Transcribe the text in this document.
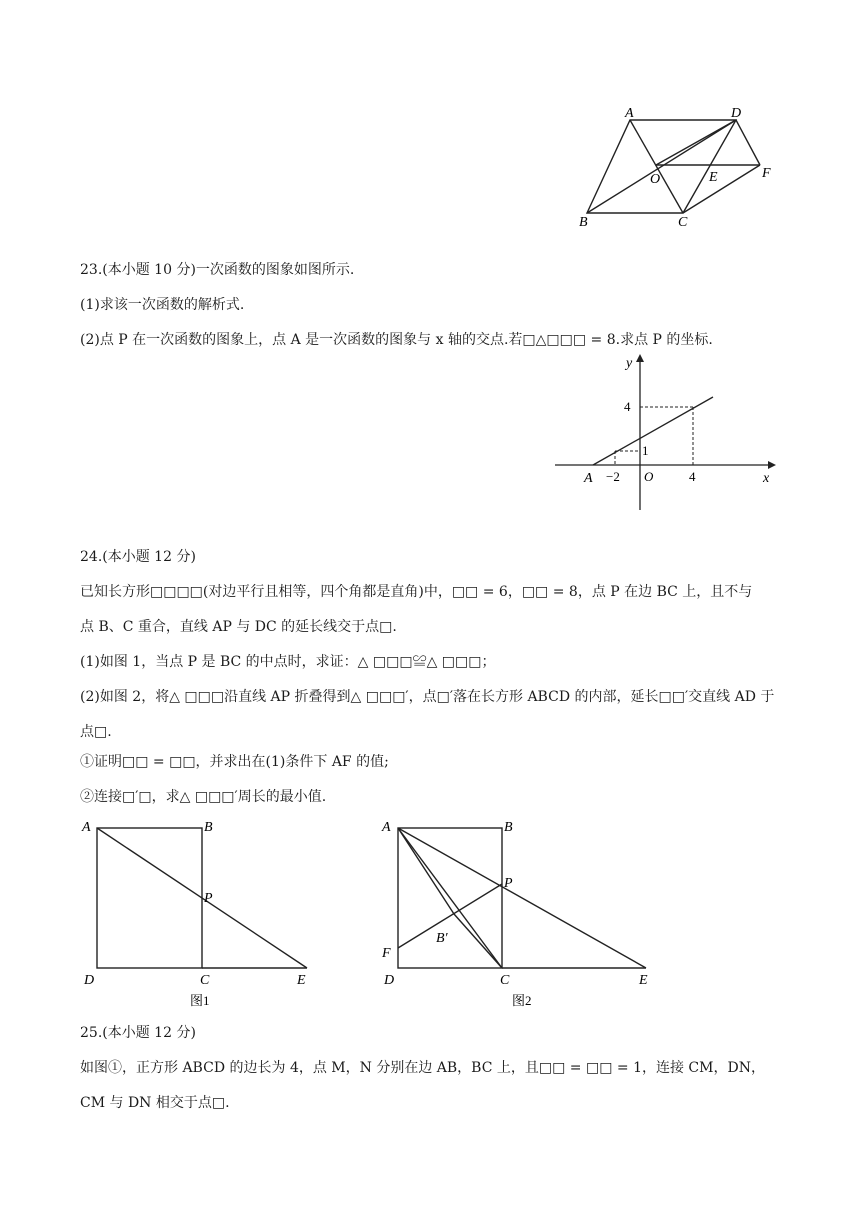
A	D
O	E	F
B	C
23.(本小题 10 分)一次函数的图象如图所示.
(1)求该一次函数的解析式.
(2)点 P 在一次函数的图象上，点 A 是一次函数的图象与 x 轴的交点.若□△□□□ = 8.求点 P 的坐标.
y
x
4
1
−2 O	4
A
24.(本小题 12 分)
已知长方形□□□□(对边平行且相等，四个角都是直角)中，□□ = 6，□□ = 8，点 P 在边 BC 上，且不与
点 B、C 重合，直线 AP 与 DC 的延长线交于点□.
(1)如图 1，当点 P 是 BC 的中点时，求证：△ □□□≌△ □□□；
(2)如图 2，将△ □□□沿直线 AP 折叠得到△ □□□′，点□′落在长方形 ABCD 的内部，延长□□′交直线 AD 于
点□.
①证明□□ = □□，并求出在(1)条件下 AF 的值;
②连接□′□，求△ □□□′周长的最小值.
A	B
P
D	C	E
图1
A	B
P
B′
F
D	C	E
图2
25.(本小题 12 分)
如图①，正方形 ABCD 的边长为 4，点 M，N 分别在边 AB，BC 上，且□□ = □□ = 1，连接 CM，DN，
CM 与 DN 相交于点□.
